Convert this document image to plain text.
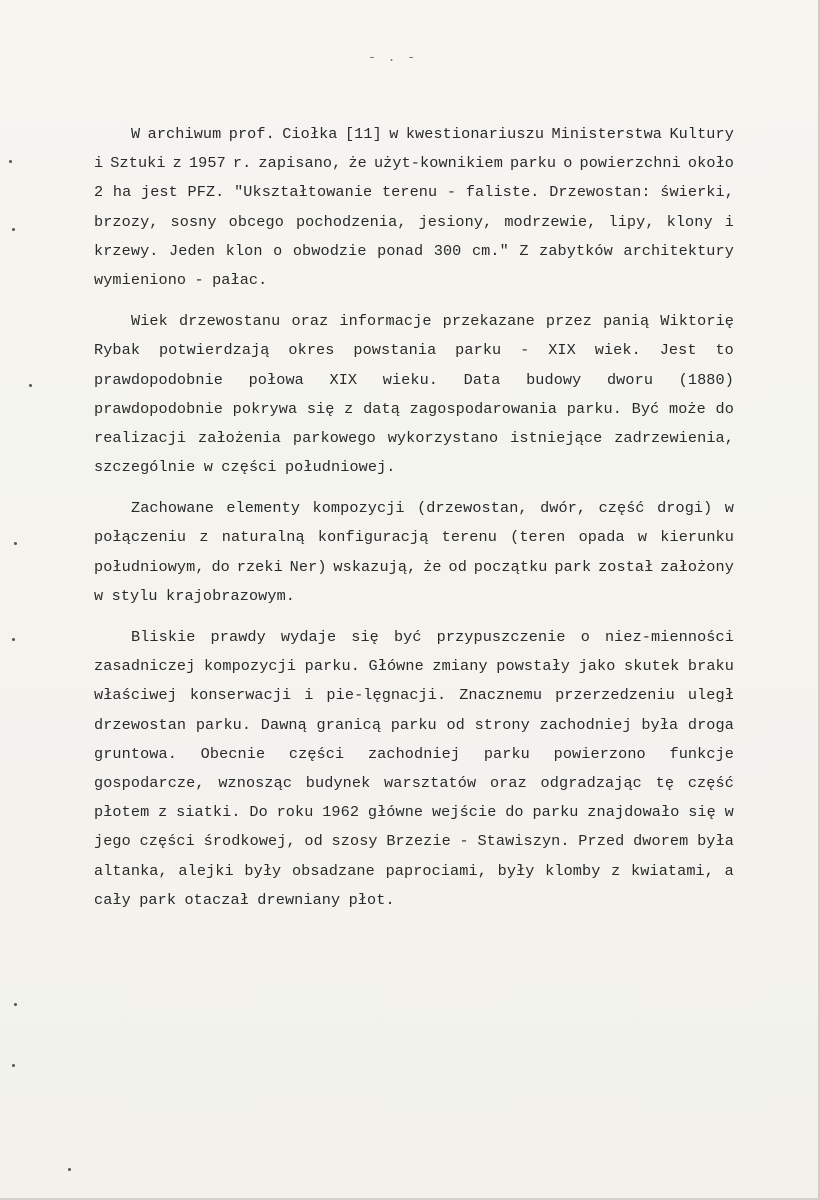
- . -
W archiwum prof. Ciołka [11] w kwestionariuszu Ministerstwa Kultury
i Sztuki z 1957 r. zapisano, że użyt-kownikiem parku o powierzchni około
2 ha jest PFZ. "Ukształtowanie terenu - faliste. Drzewostan: świerki,
brzozy, sosny obcego pochodzenia, jesiony, modrzewie, lipy, klony i
krzewy. Jeden klon o obwodzie ponad 300 cm." Z zabytków architektury
wymieniono - pałac.
Wiek drzewostanu oraz informacje przekazane przez panią Wiktorię
Rybak potwierdzają okres powstania parku - XIX wiek. Jest to
prawdopodobnie połowa XIX wieku. Data budowy dworu (1880)
prawdopodobnie pokrywa się z datą zagospodarowania parku. Być może do
realizacji założenia parkowego wykorzystano istniejące zadrzewienia,
szczególnie w części południowej.
Zachowane elementy kompozycji (drzewostan, dwór, część drogi) w
połączeniu z naturalną konfiguracją terenu (teren opada w kierunku
południowym, do rzeki Ner) wskazują, że od początku park został założony
w stylu krajobrazowym.
Bliskie prawdy wydaje się być przypuszczenie o niez-mienności
zasadniczej kompozycji parku. Główne zmiany powstały jako skutek braku
właściwej konserwacji i pie-lęgnacji. Znacznemu przerzedzeniu uległ
drzewostan parku. Dawną granicą parku od strony zachodniej była droga
gruntowa. Obecnie części zachodniej parku powierzono funkcje
gospodarcze, wznosząc budynek warsztatów oraz odgradzając tę część
płotem z siatki. Do roku 1962 główne wejście do parku znajdowało się w
jego części środkowej, od szosy Brzezie - Stawiszyn. Przed dworem była
altanka, alejki były obsadzane paprociami, były klomby z kwiatami, a
cały park otaczał drewniany płot.
